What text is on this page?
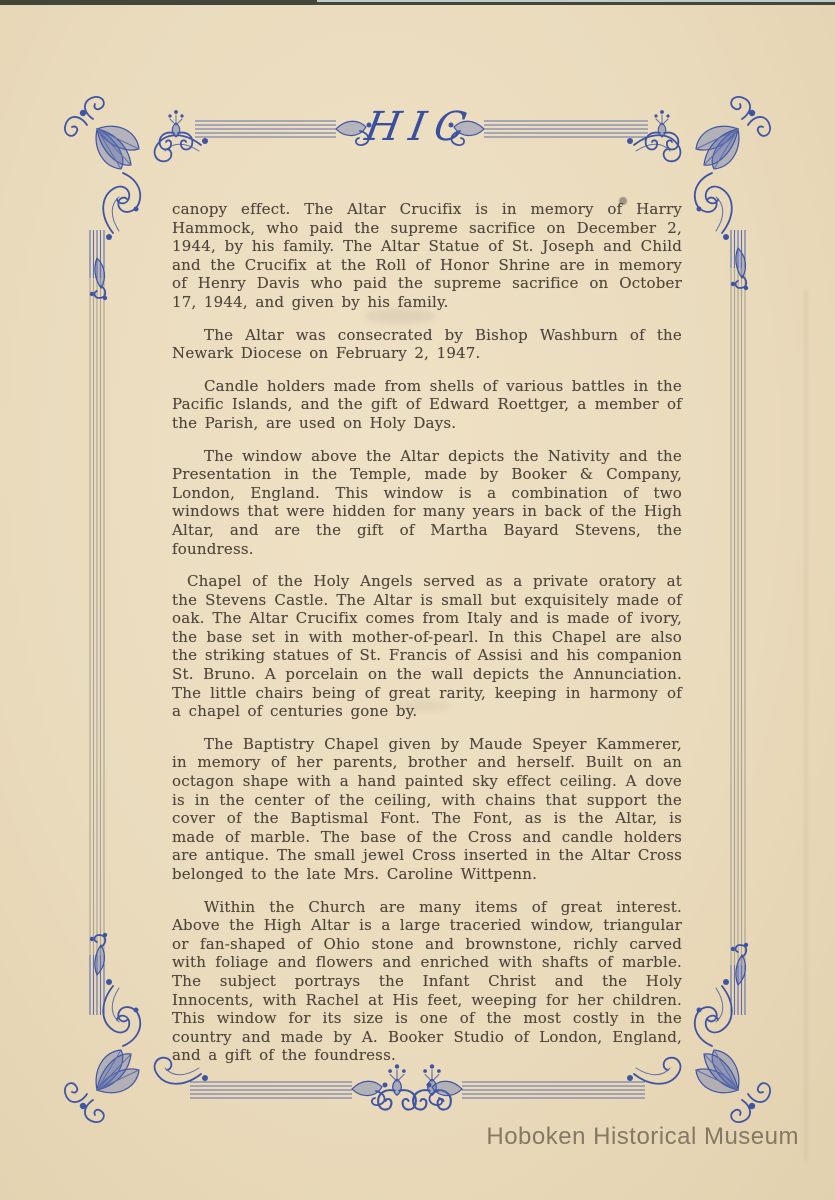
HIC

canopy effect. The Altar Crucifix is in memory of Harry Hammock, who paid the supreme sacrifice on December 2, 1944, by his family. The Altar Statue of St. Joseph and Child and the Crucifix at the Roll of Honor Shrine are in memory of Henry Davis who paid the supreme sacrifice on October 17, 1944, and given by his family.

The Altar was consecrated by Bishop Washburn of the Newark Diocese on February 2, 1947.

Candle holders made from shells of various battles in the Pacific Islands, and the gift of Edward Roettger, a member of the Parish, are used on Holy Days.

The window above the Altar depicts the Nativity and the Presentation in the Temple, made by Booker & Company, London, England. This window is a combination of two windows that were hidden for many years in back of the High Altar, and are the gift of Martha Bayard Stevens, the foundress.

Chapel of the Holy Angels served as a private oratory at the Stevens Castle. The Altar is small but exquisitely made of oak. The Altar Crucifix comes from Italy and is made of ivory, the base set in with mother-of-pearl. In this Chapel are also the striking statues of St. Francis of Assisi and his companion St. Bruno. A porcelain on the wall depicts the Annunciation. The little chairs being of great rarity, keeping in harmony of a chapel of centuries gone by.

The Baptistry Chapel given by Maude Speyer Kammerer, in memory of her parents, brother and herself. Built on an octagon shape with a hand painted sky effect ceiling. A dove is in the center of the ceiling, with chains that support the cover of the Baptismal Font. The Font, as is the Altar, is made of marble. The base of the Cross and candle holders are antique. The small jewel Cross inserted in the Altar Cross belonged to the late Mrs. Caroline Wittpenn.

Within the Church are many items of great interest. Above the High Altar is a large traceried window, triangular or fan-shaped of Ohio stone and brownstone, richly carved with foliage and flowers and enriched with shafts of marble. The subject portrays the Infant Christ and the Holy Innocents, with Rachel at His feet, weeping for her children. This window for its size is one of the most costly in the country and made by A. Booker Studio of London, England, and a gift of the foundress.

Hoboken Historical Museum
